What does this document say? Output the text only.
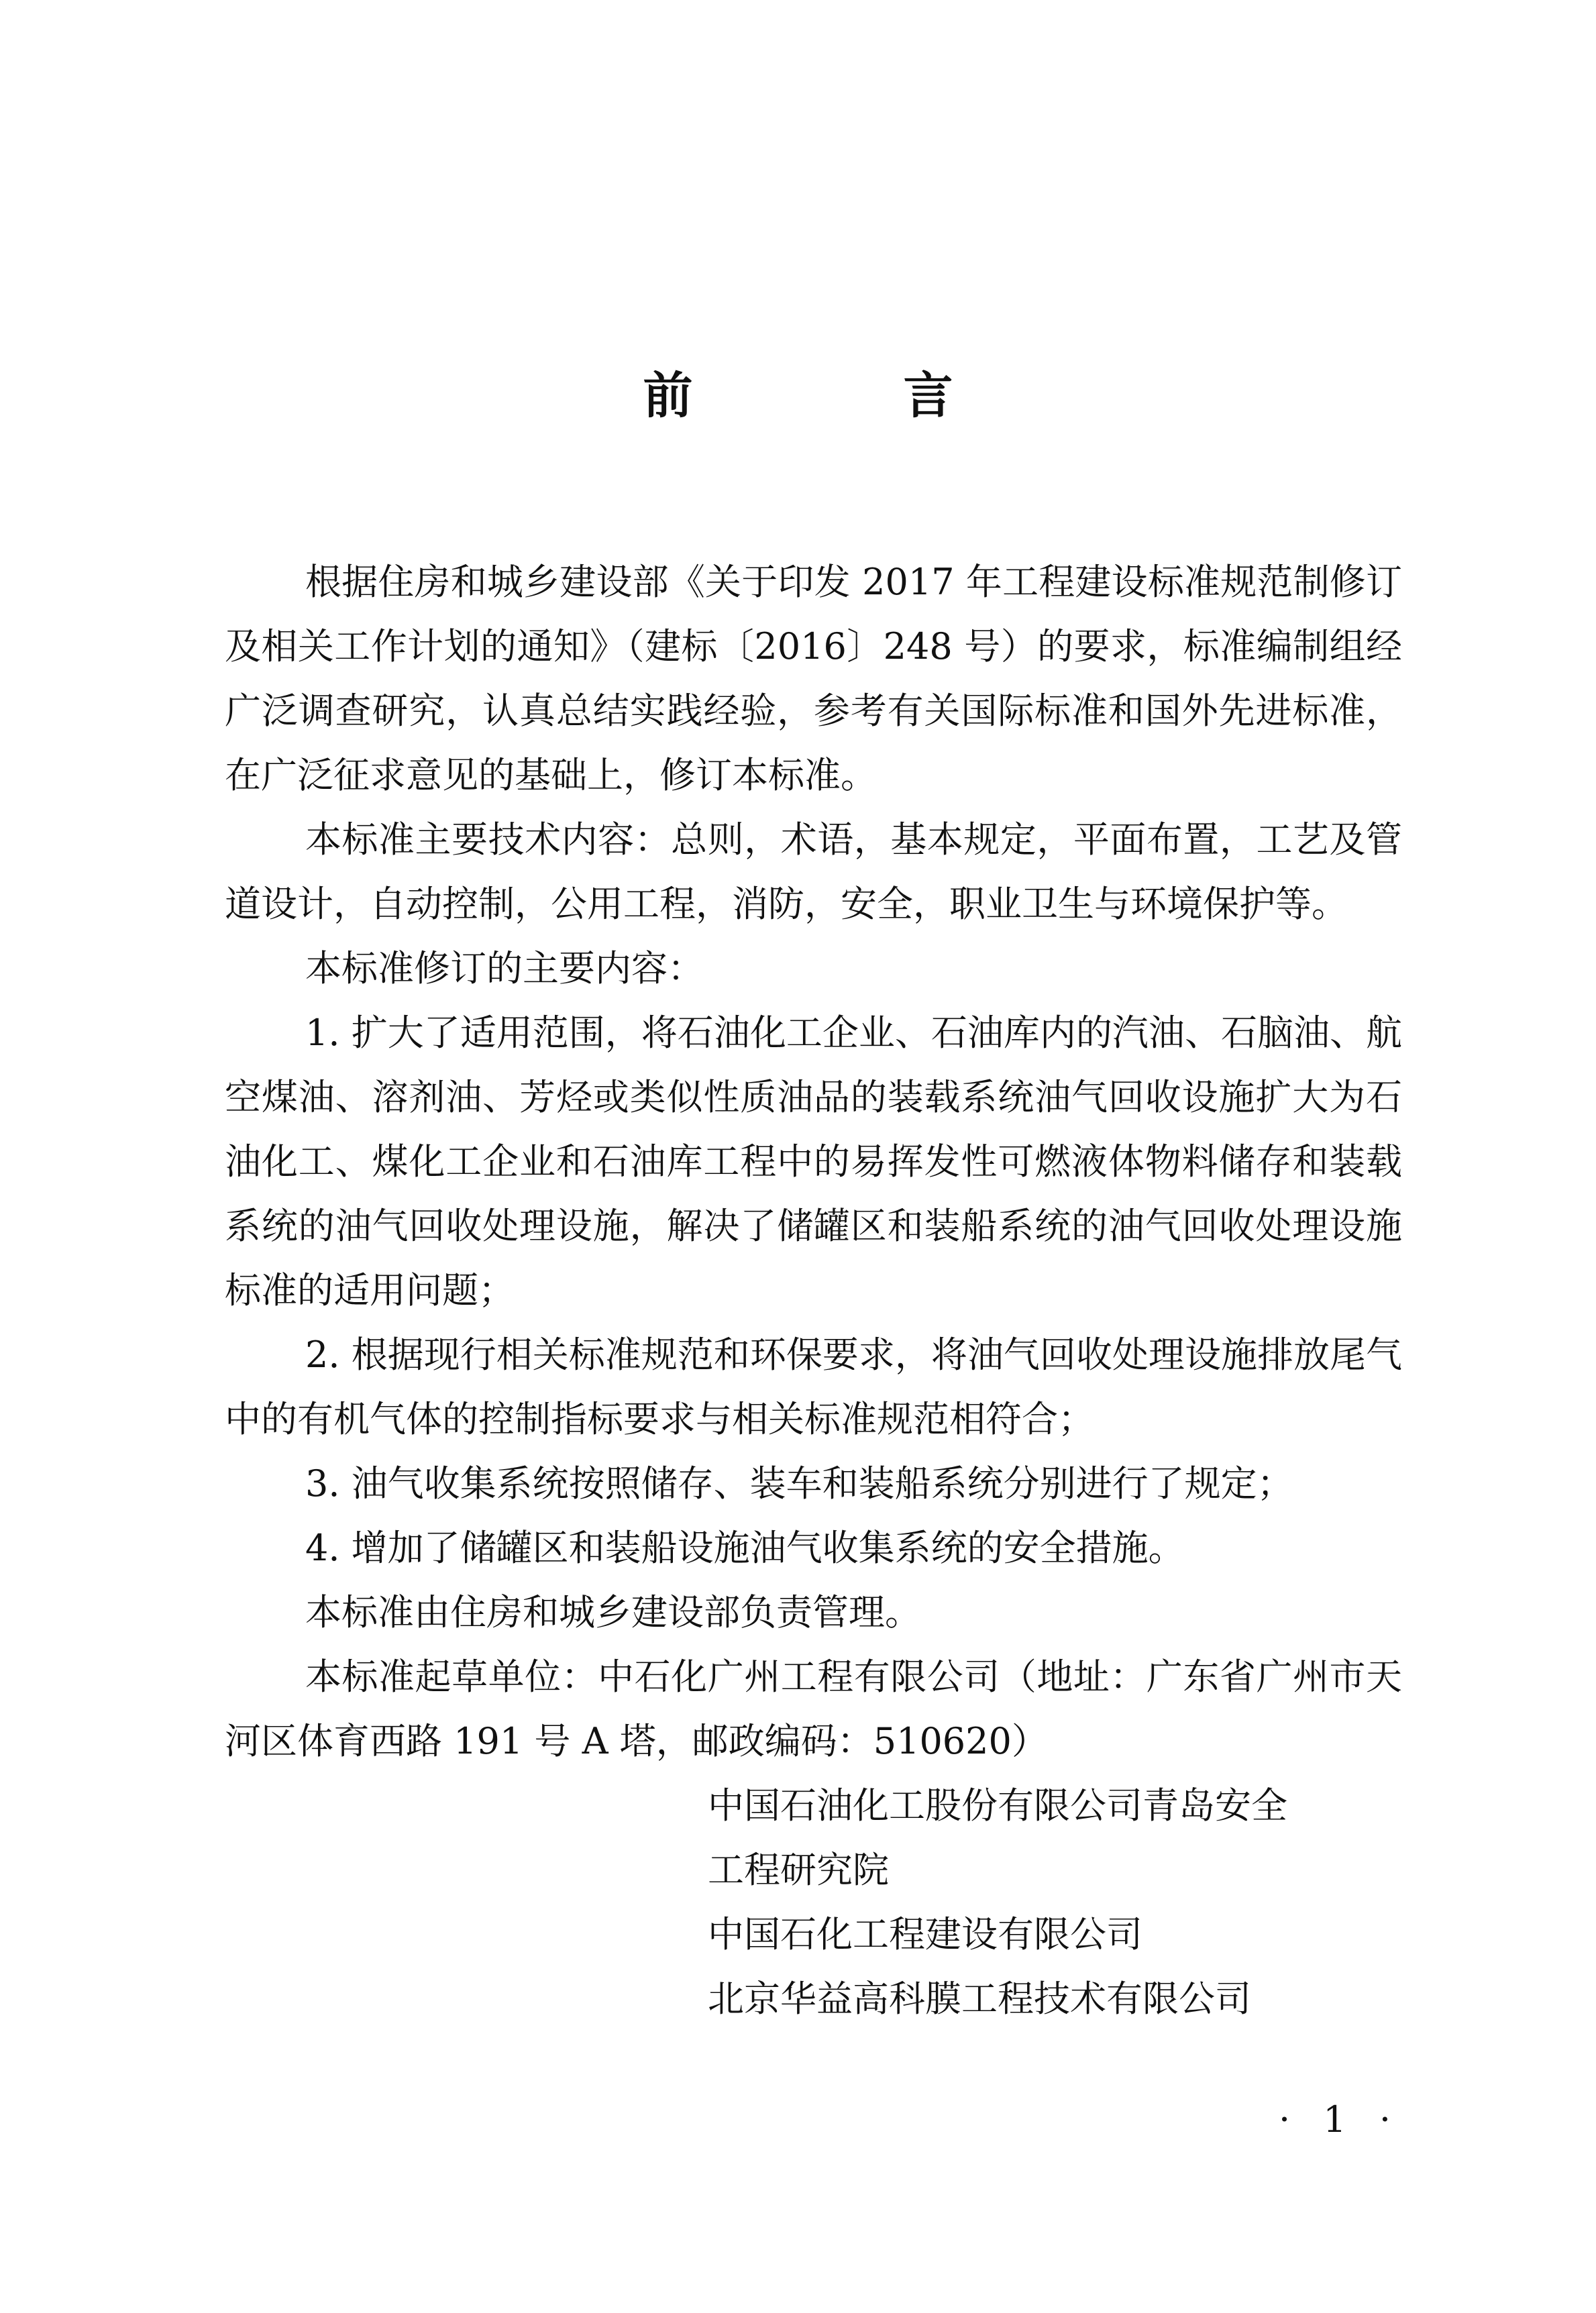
前　言

根据住房和城乡建设部《关于印发 2017 年工程建设标准规范制修订及相关工作计划的通知》（建标〔2016〕248 号）的要求，标准编制组经广泛调查研究，认真总结实践经验，参考有关国际标准和国外先进标准，在广泛征求意见的基础上，修订本标准。

本标准主要技术内容：总则，术语，基本规定，平面布置，工艺及管道设计，自动控制，公用工程，消防，安全，职业卫生与环境保护等。

本标准修订的主要内容：

1. 扩大了适用范围，将石油化工企业、石油库内的汽油、石脑油、航空煤油、溶剂油、芳烃或类似性质油品的装载系统油气回收设施扩大为石油化工、煤化工企业和石油库工程中的易挥发性可燃液体物料储存和装载系统的油气回收处理设施，解决了储罐区和装船系统的油气回收处理设施标准的适用问题；

2. 根据现行相关标准规范和环保要求，将油气回收处理设施排放尾气中的有机气体的控制指标要求与相关标准规范相符合；

3. 油气收集系统按照储存、装车和装船系统分别进行了规定；

4. 增加了储罐区和装船设施油气收集系统的安全措施。

本标准由住房和城乡建设部负责管理。

本标准起草单位：中石化广州工程有限公司（地址：广东省广州市天河区体育西路 191 号 A 塔，邮政编码：510620）

中国石油化工股份有限公司青岛安全
工程研究院
中国石化工程建设有限公司
北京华益高科膜工程技术有限公司
· 1 ·
